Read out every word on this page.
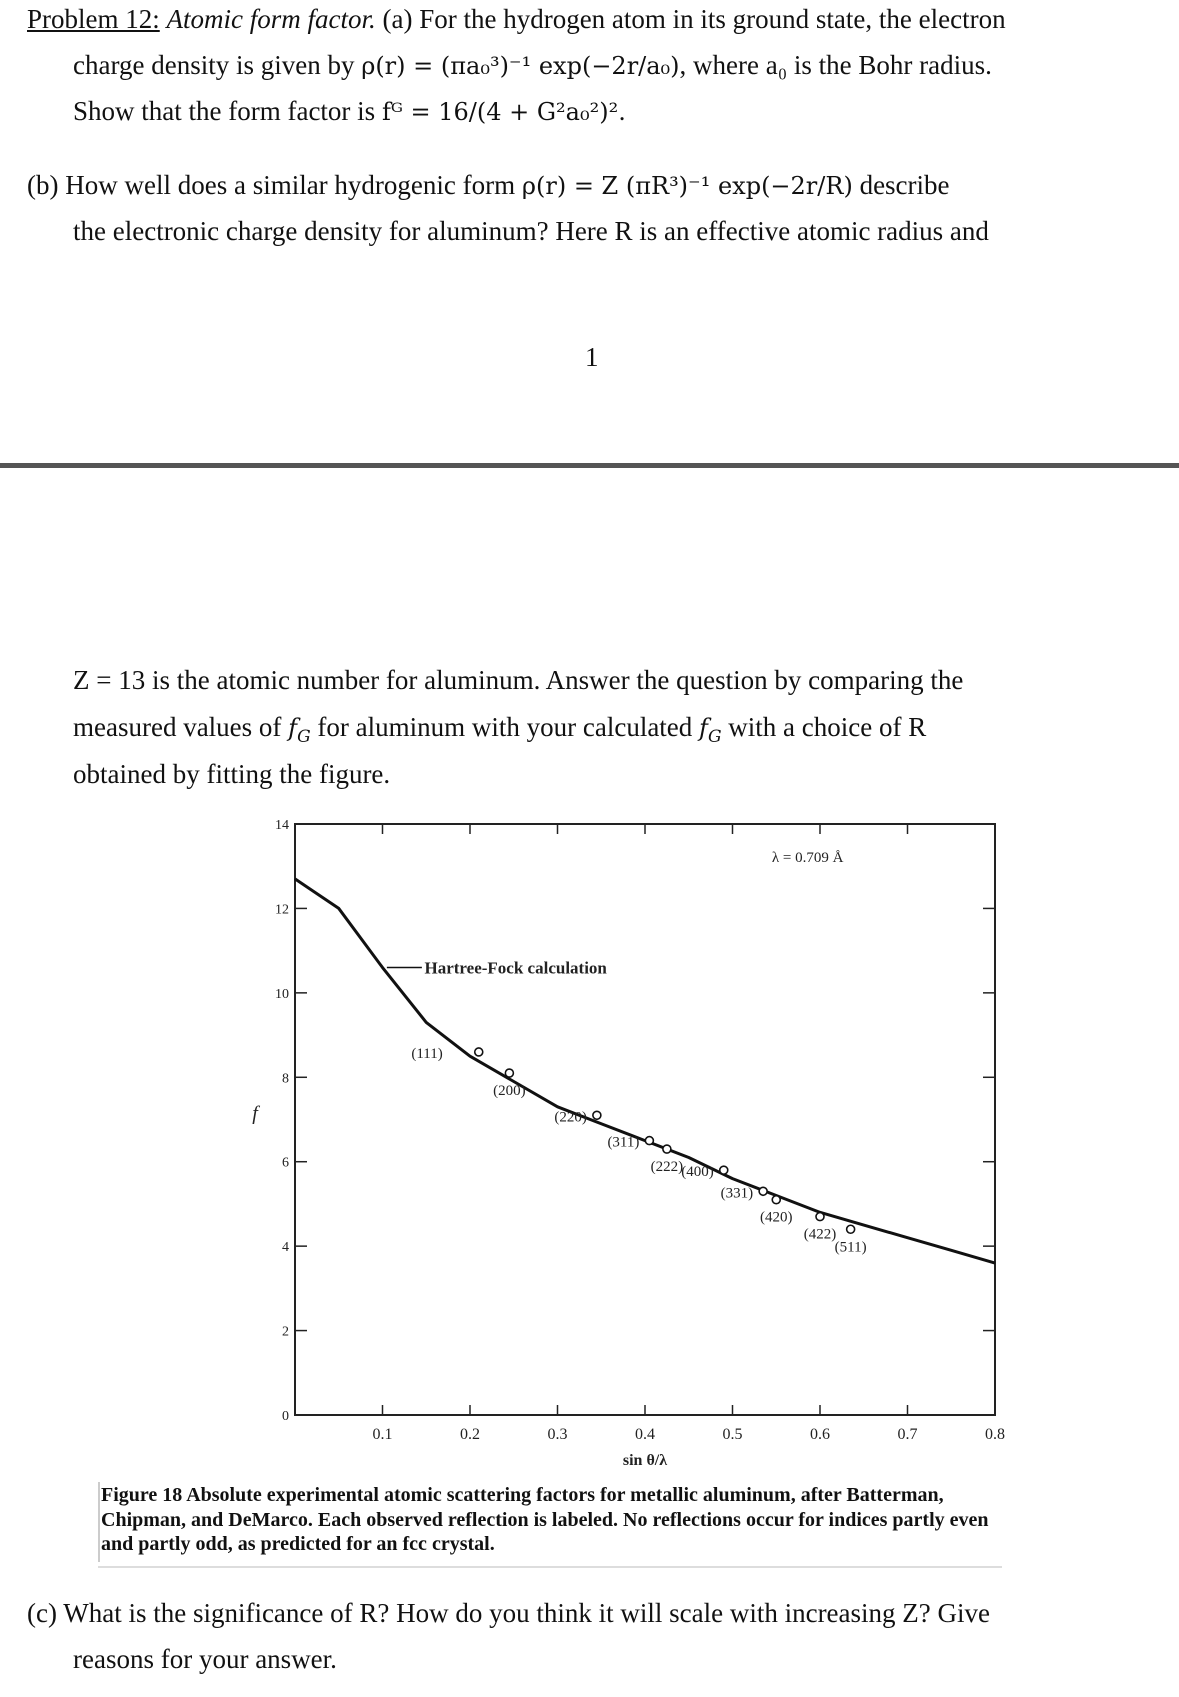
Problem 12: Atomic form factor. (a) For the hydrogen atom in its ground state, the electron
charge density is given by ρ(r) = (πa₀³)⁻¹ exp(−2r/a₀), where a₀ is the Bohr radius.
Show that the form factor is fᴳ = 16/(4 + G²a₀²)².
(b) How well does a similar hydrogenic form ρ(r) = Z (πR³)⁻¹ exp(−2r/R) describe
the electronic charge density for aluminum? Here R is an effective atomic radius and
1
Z = 13 is the atomic number for aluminum. Answer the question by comparing the
measured values of $f_G$ for aluminum with your calculated $f_G$ with a choice of R
obtained by fitting the figure.
0.1	0.2	0.3	0.4	0.5	0.6	0.7	0.8
0
2
4
6
8
10
12
14
sin θ/λ
f
Hartree-Fock calculation
λ = 0.709 Å
(111)
(200)
(220)
(311)
(222)
(400)
(331)
(420)
(422)
(511)
Figure 18 Absolute experimental atomic scattering factors for metallic aluminum, after Batterman, Chipman, and DeMarco. Each observed reflection is labeled. No reflections occur for indices partly even and partly odd, as predicted for an fcc crystal.
(c) What is the significance of R? How do you think it will scale with increasing Z? Give
reasons for your answer.
